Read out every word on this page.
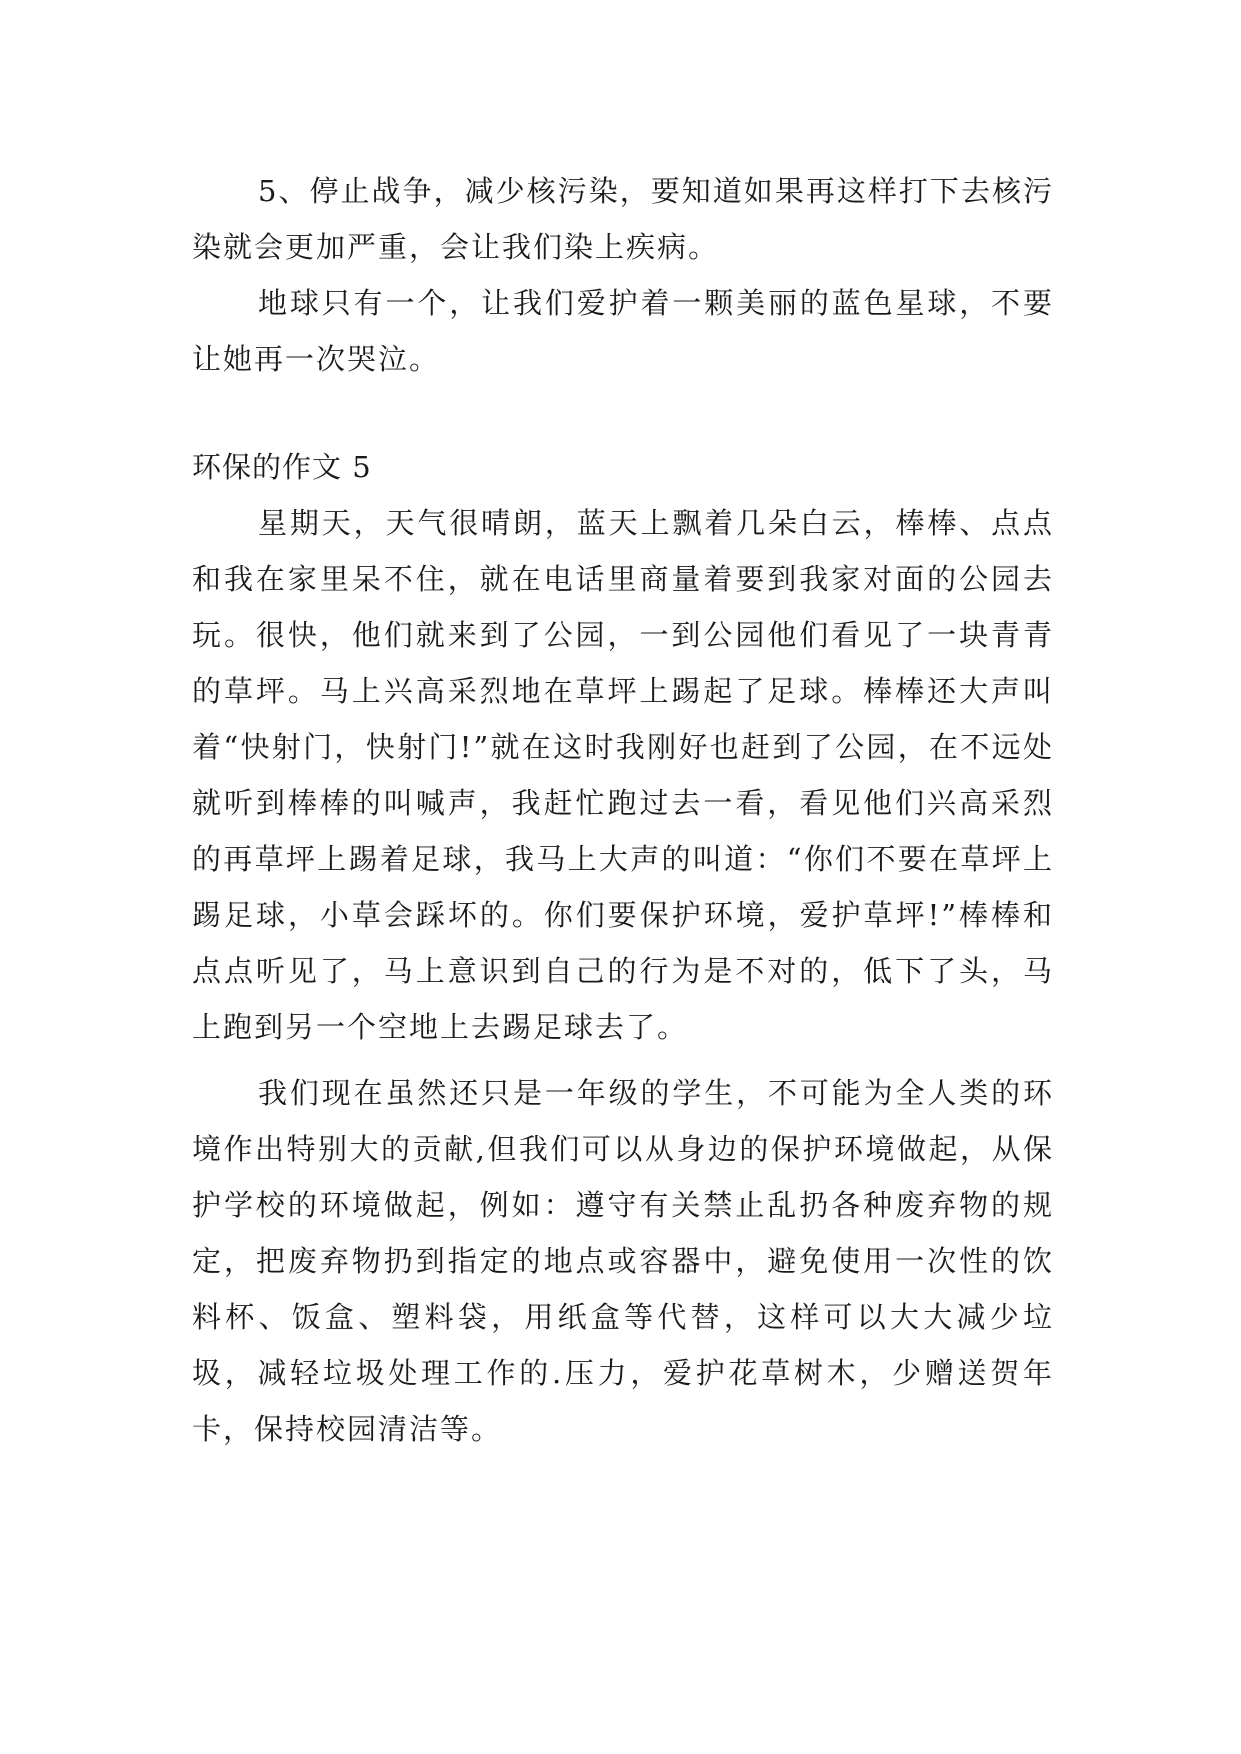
5、停止战争，减少核污染，要知道如果再这样打下去核污染就会更加严重，会让我们染上疾病。

地球只有一个，让我们爱护着一颗美丽的蓝色星球，不要让她再一次哭泣。

环保的作文 5

星期天，天气很晴朗，蓝天上飘着几朵白云，棒棒、点点和我在家里呆不住，就在电话里商量着要到我家对面的公园去玩。很快，他们就来到了公园，一到公园他们看见了一块青青的草坪。马上兴高采烈地在草坪上踢起了足球。棒棒还大声叫着“快射门，快射门!”就在这时我刚好也赶到了公园，在不远处就听到棒棒的叫喊声，我赶忙跑过去一看，看见他们兴高采烈的再草坪上踢着足球，我马上大声的叫道：“你们不要在草坪上踢足球，小草会踩坏的。你们要保护环境，爱护草坪!”棒棒和点点听见了，马上意识到自己的行为是不对的，低下了头，马上跑到另一个空地上去踢足球去了。

我们现在虽然还只是一年级的学生，不可能为全人类的环境作出特别大的贡献,但我们可以从身边的保护环境做起，从保护学校的环境做起，例如：遵守有关禁止乱扔各种废弃物的规定，把废弃物扔到指定的地点或容器中，避免使用一次性的饮料杯、饭盒、塑料袋，用纸盒等代替，这样可以大大减少垃圾，减轻垃圾处理工作的.压力，爱护花草树木，少赠送贺年卡，保持校园清洁等。
